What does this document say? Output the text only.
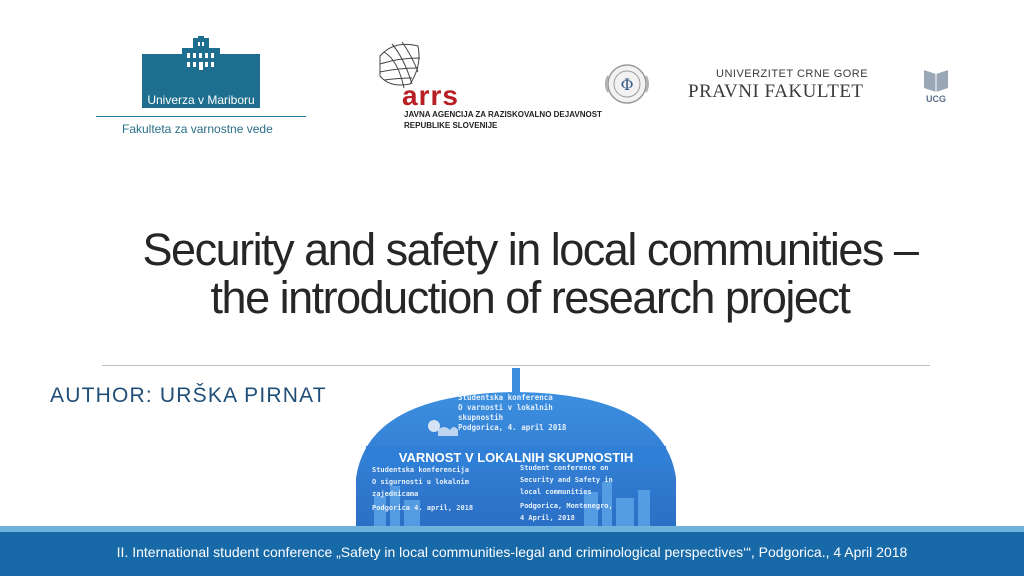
Univerza v Mariboru
Fakulteta za varnostne vede
arrs
JAVNA AGENCIJA ZA RAZISKOVALNO DEJAVNOST
REPUBLIKE SLOVENIJE
Φ
UNIVERZITET CRNE GORE
PRAVNI FAKULTET	UCG
Security and safety in local communities –
the introduction of research project
AUTHOR: URŠKA PIRNAT	Študentska konferenca
O varnosti v lokalnih
skupnostih
Podgorica, 4. april 2018
VARNOST V LOKALNIH SKUPNOSTIH
Studentska konferencija
O sigurnosti u lokalnim
zajednicama
Podgorica 4. april, 2018
Student conference on
Security and Safety in
local communities
Podgorica, Montenegro,
4 April, 2018
II. International student conference „Safety in local communities-legal and criminological perspectives‘“, Podgorica., 4 April 2018
